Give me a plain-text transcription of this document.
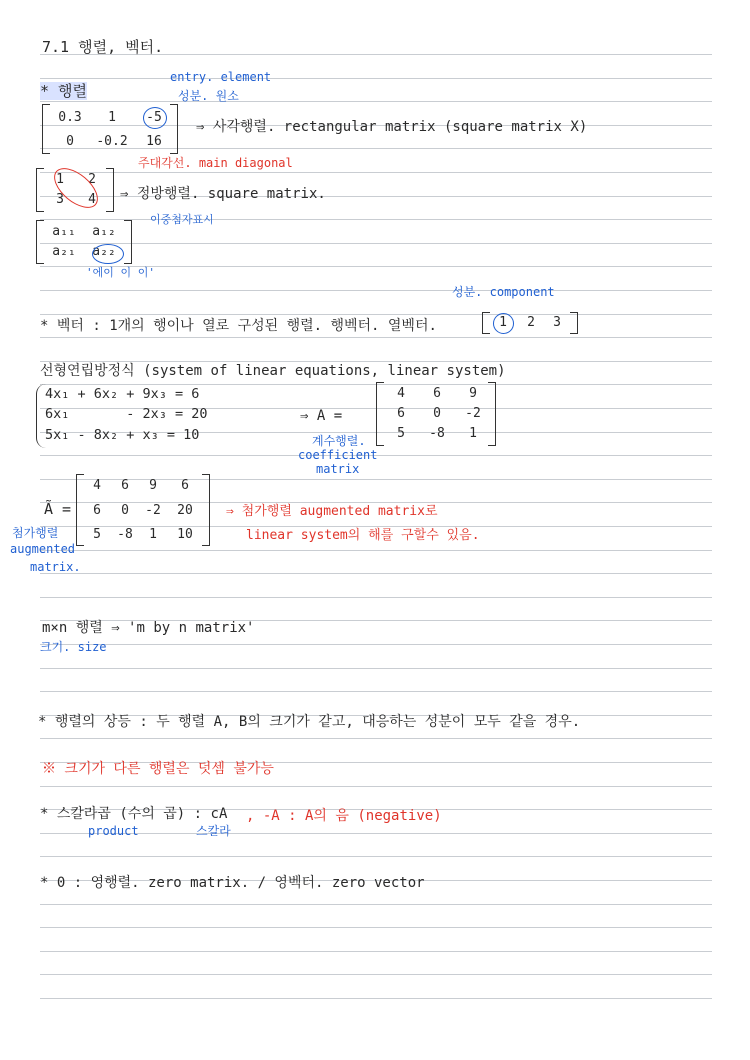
7.1 행렬, 벡터.
* 행렬
entry. element
성분. 원소
0.3	1	-5
0	-0.2	16
⇒ 사각행렬. rectangular matrix (square matrix X)
주대각선. main diagonal
1	2
3	4	⇒ 정방행렬. square matrix.
이중첨자표시
a₁₁	a₁₂
a₂₁	a₂₂
'에이 이 이'
성분. component
* 벡터 : 1개의 행이나 열로 구성된 행렬. 행벡터. 열벡터.	1	2	3
선형연립방정식 (system of linear equations, linear system)
4x₁ + 6x₂ + 9x₃ = 6
6x₁       - 2x₃ = 20
5x₁ - 8x₂ + x₃ = 10
⇒ A =
4	6	9
6	0	-2
5	-8	1
계수행렬.
coefficient
matrix
Ã =
4	6	9	6
6	0	-2	20
5	-8	1	10
첨가행렬
augmented
matrix.
⇒ 첨가행렬 augmented matrix로
linear system의 해를 구할수 있음.
m×n 행렬 ⇒ 'm by n matrix'
크기. size
* 행렬의 상등 : 두 행렬 A, B의 크기가 같고, 대응하는 성분이 모두 같을 경우.
※ 크기가 다른 행렬은 덧셈 불가능
* 스칼라곱 (수의 곱) : cA
product	스칼라
, -A : A의 음 (negative)
* 0 : 영행렬. zero matrix. / 영벡터. zero vector
